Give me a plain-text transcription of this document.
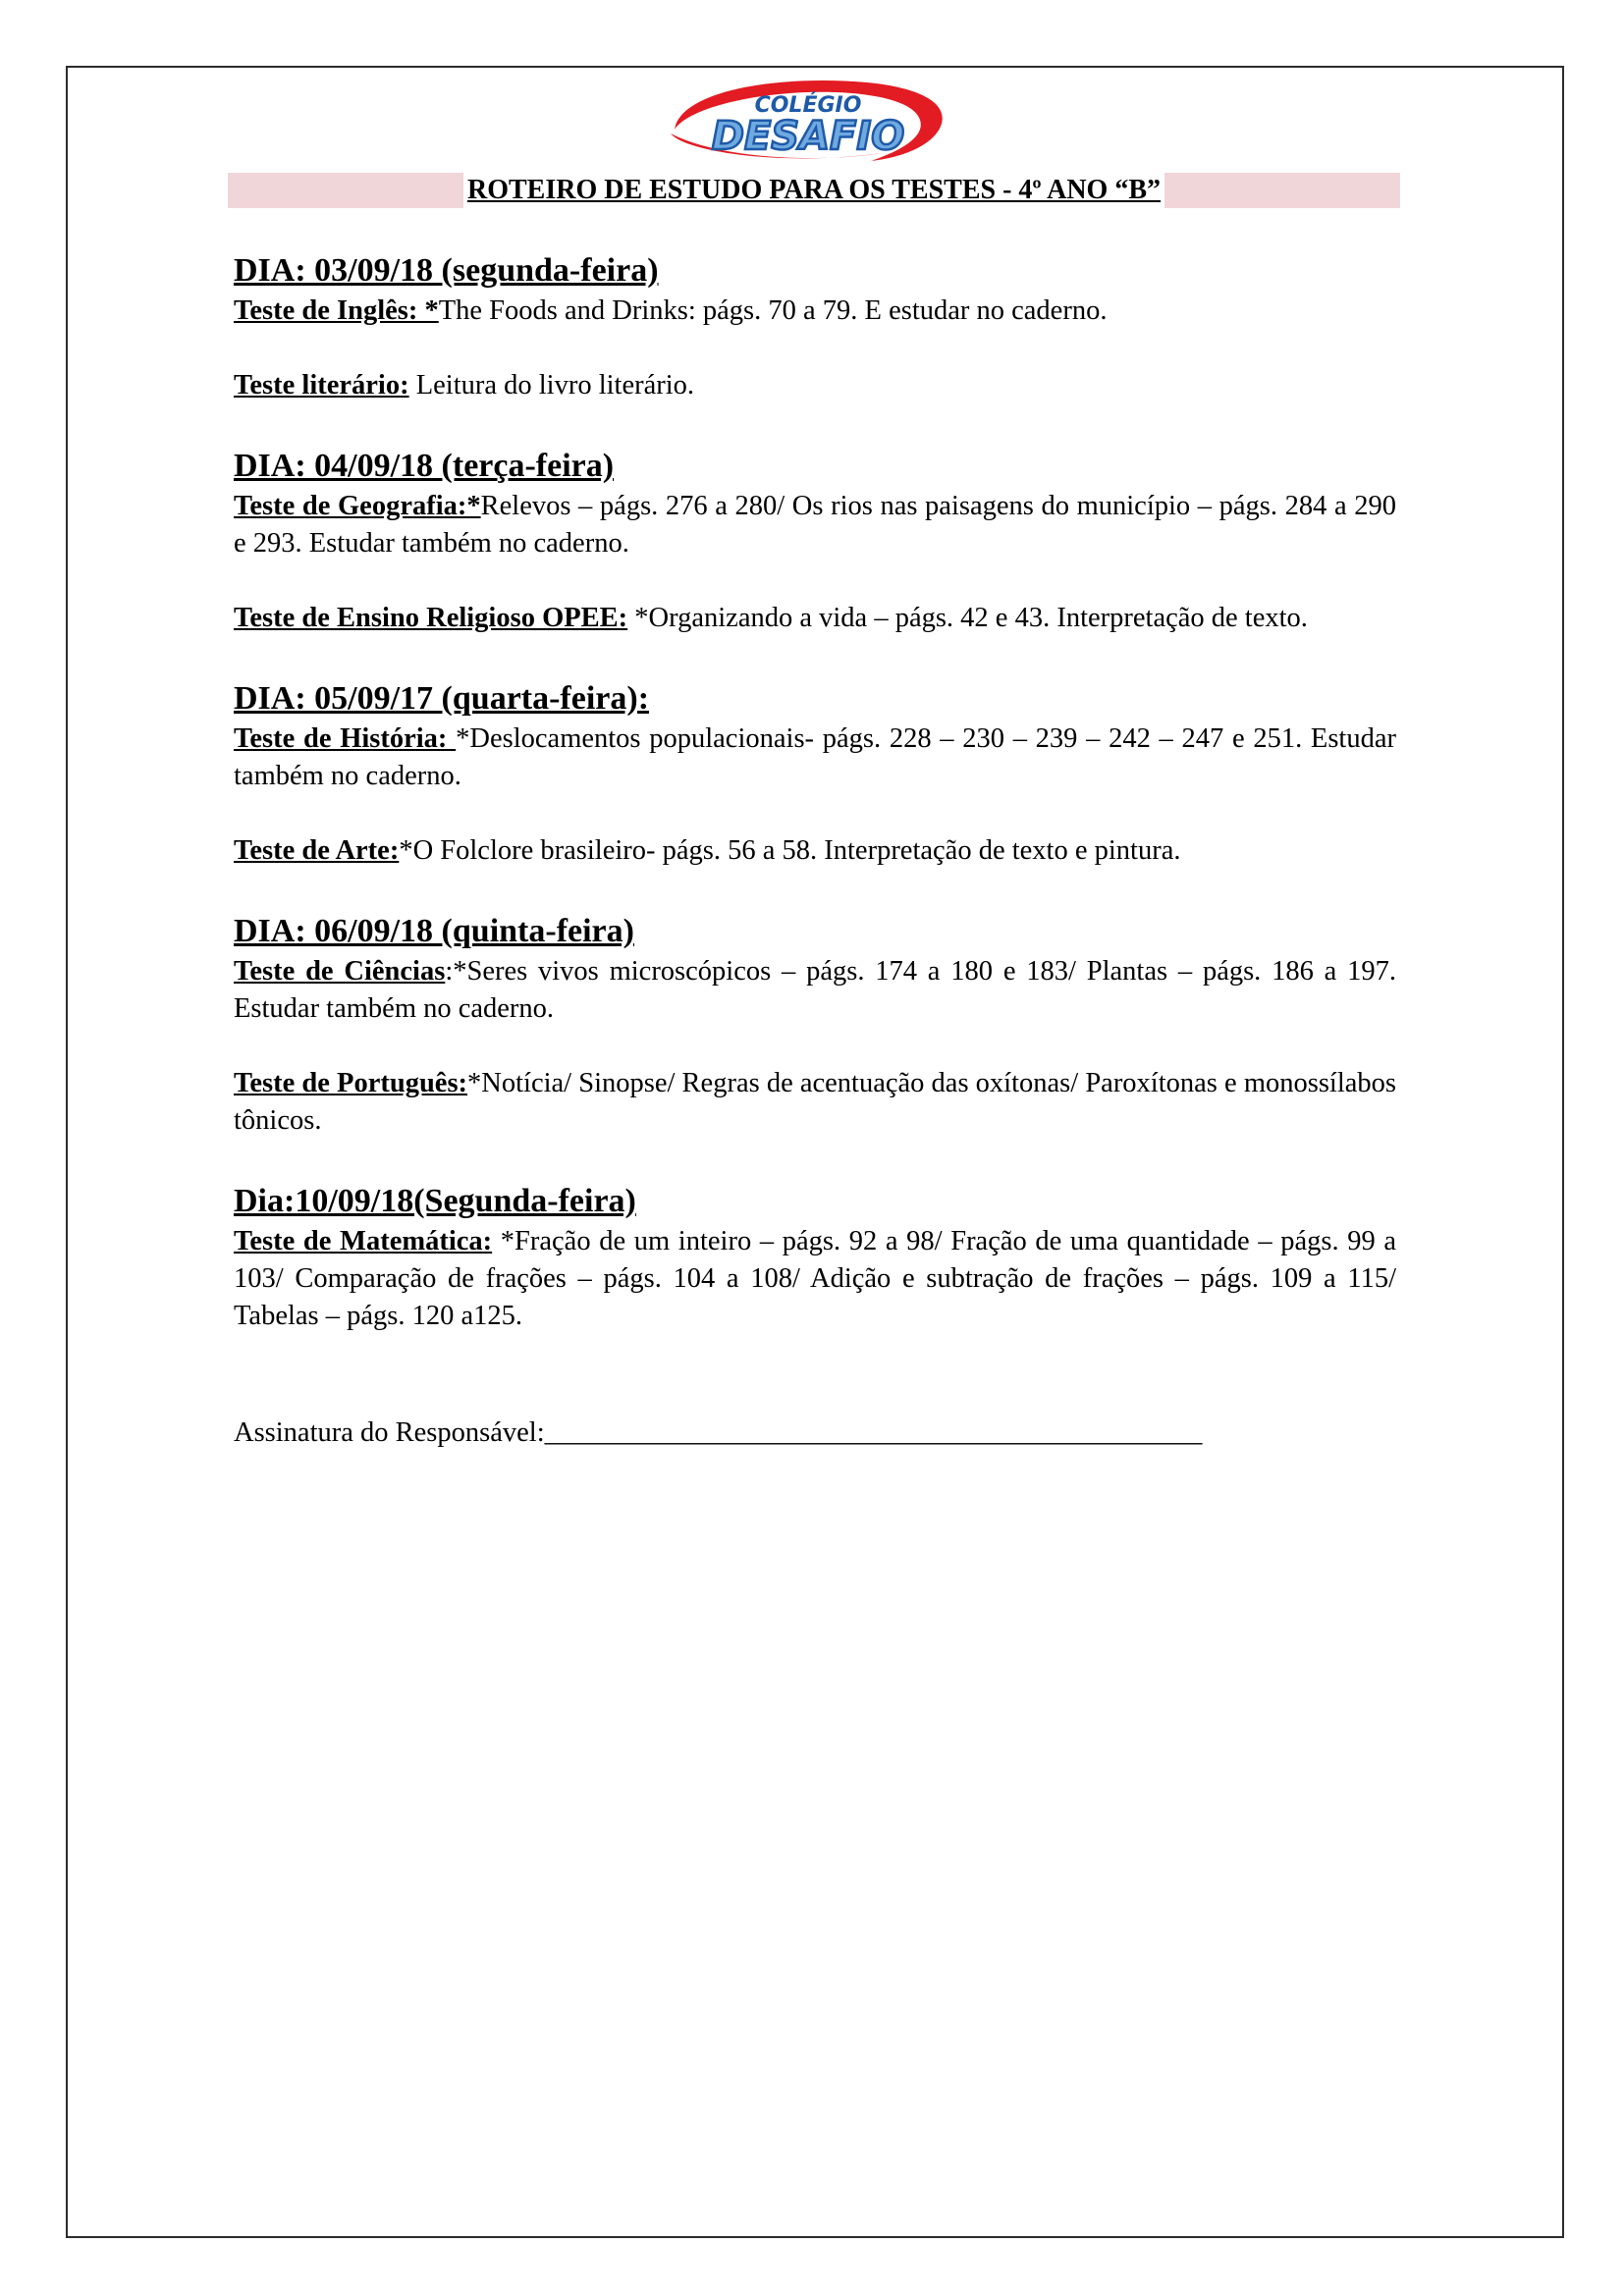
COLÉGIO
DESAFIO
ROTEIRO DE ESTUDO PARA OS TESTES - 4º ANO “B”
DIA: 03/09/18 (segunda-feira)
Teste de Inglês: *The Foods and Drinks: págs. 70 a 79. E estudar no caderno.
Teste literário: Leitura do livro literário.
DIA: 04/09/18 (terça-feira)
Teste de Geografia:*Relevos – págs. 276 a 280/ Os rios nas paisagens do município – págs. 284 a 290 e 293. Estudar também no caderno.
Teste de Ensino Religioso OPEE: *Organizando a vida – págs. 42 e 43. Interpretação de texto.
DIA: 05/09/17 (quarta-feira):
Teste de História: *Deslocamentos populacionais- págs. 228 – 230 – 239 – 242 – 247 e 251. Estudar também no caderno.
Teste de Arte:*O Folclore brasileiro- págs. 56 a 58. Interpretação de texto e pintura.
DIA: 06/09/18 (quinta-feira)
Teste de Ciências:*Seres vivos microscópicos – págs. 174 a 180 e 183/ Plantas – págs. 186 a 197. Estudar também no caderno.
Teste de Português:*Notícia/ Sinopse/ Regras de acentuação das oxítonas/ Paroxítonas e monossílabos tônicos.
Dia:10/09/18(Segunda-feira)
Teste de Matemática: *Fração de um inteiro – págs. 92 a 98/ Fração de uma quantidade – págs. 99 a 103/ Comparação de frações – págs. 104 a 108/ Adição e subtração de frações – págs. 109 a 115/ Tabelas – págs. 120 a125.
Assinatura do Responsável:_______________________________________________
